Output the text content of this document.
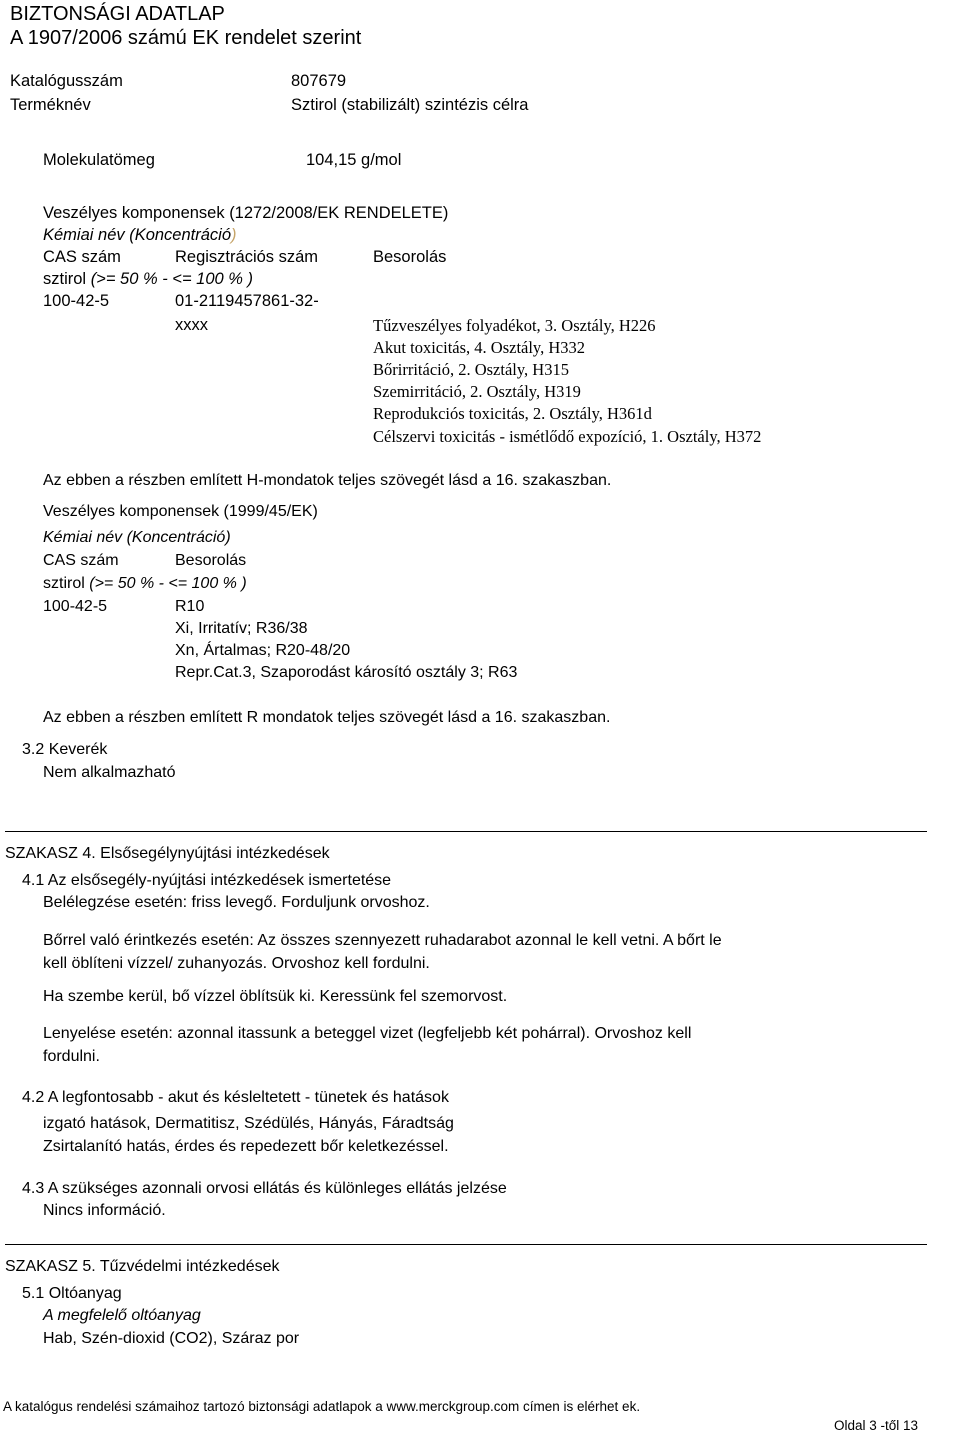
BIZTONSÁGI ADATLAP
A 1907/2006 számú EK rendelet szerint
Katalógusszám	807679
Terméknév	Sztirol (stabilizált) szintézis célra
Molekulatömeg	104,15 g/mol
Veszélyes komponensek (1272/2008/EK RENDELETE)
Kémiai név (Koncentráció)
CAS szám	Regisztrációs szám	Besorolás
sztirol (>= 50 % - <= 100 % )
100-42-5	01-2119457861-32-
xxxx	Tűzveszélyes folyadékot, 3. Osztály, H226
Akut toxicitás, 4. Osztály, H332
Bőrirritáció, 2. Osztály, H315
Szemirritáció, 2. Osztály, H319
Reprodukciós toxicitás, 2. Osztály, H361d
Célszervi toxicitás - ismétlődő expozíció, 1. Osztály, H372
Az ebben a részben említett H-mondatok teljes szövegét lásd a 16. szakaszban.
Veszélyes komponensek (1999/45/EK)
Kémiai név (Koncentráció)
CAS szám	Besorolás
sztirol (>= 50 % - <= 100 % )
100-42-5	R10
Xi, Irritatív; R36/38
Xn, Ártalmas; R20-48/20
Repr.Cat.3, Szaporodást károsító osztály 3; R63
Az ebben a részben említett R mondatok teljes szövegét lásd a 16. szakaszban.
3.2 Keverék
Nem alkalmazható
SZAKASZ 4. Elsősegélynyújtási intézkedések
4.1 Az elsősegély-nyújtási intézkedések ismertetése
Belélegzése esetén: friss levegő. Forduljunk orvoshoz.
Bőrrel való érintkezés esetén: Az összes szennyezett ruhadarabot azonnal le kell vetni. A bőrt le
kell öblíteni vízzel/ zuhanyozás. Orvoshoz kell fordulni.
Ha szembe kerül, bő vízzel öblítsük ki. Keressünk fel szemorvost.
Lenyelése esetén: azonnal itassunk a beteggel vizet (legfeljebb két pohárral). Orvoshoz kell
fordulni.
4.2 A legfontosabb - akut és késleltetett - tünetek és hatások
izgató hatások, Dermatitisz, Szédülés, Hányás, Fáradtság
Zsirtalanító hatás, érdes és repedezett bőr keletkezéssel.
4.3 A szükséges azonnali orvosi ellátás és különleges ellátás jelzése
Nincs információ.
SZAKASZ 5. Tűzvédelmi intézkedések
5.1 Oltóanyag
A megfelelő oltóanyag
Hab, Szén-dioxid (CO2), Száraz por
A katalógus rendelési számaihoz tartozó biztonsági adatlapok a www.merckgroup.com címen is elérhet ek.
Oldal 3 -től 13
